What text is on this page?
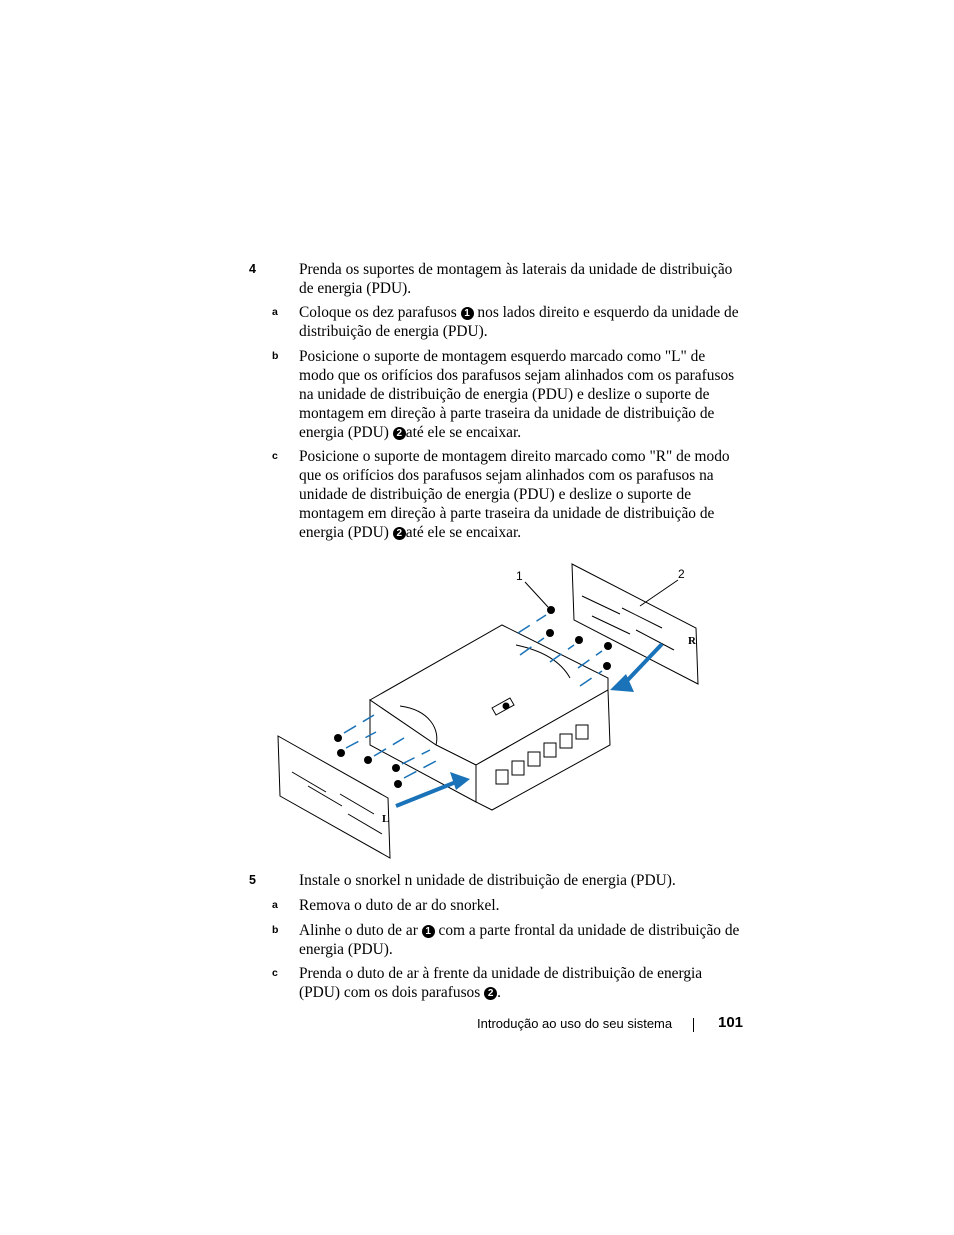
4	Prenda os suportes de montagem às laterais da unidade de distribuição de energia (PDU).
a Coloque os dez parafusos 1 nos lados direito e esquerdo da unidade de distribuição de energia (PDU).
b Posicione o suporte de montagem esquerdo marcado como "L" de modo que os orifícios dos parafusos sejam alinhados com os parafusos na unidade de distribuição de energia (PDU) e deslize o suporte de montagem em direção à parte traseira da unidade de distribuição de energia (PDU) 2 até ele se encaixar.
c Posicione o suporte de montagem direito marcado como "R" de modo que os orifícios dos parafusos sejam alinhados com os parafusos na unidade de distribuição de energia (PDU) e deslize o suporte de montagem em direção à parte traseira da unidade de distribuição de energia (PDU) 2 até ele se encaixar.
L
R
1	2
5	Instale o snorkel n unidade de distribuição de energia (PDU).
a Remova o duto de ar do snorkel.
b Alinhe o duto de ar 1 com a parte frontal da unidade de distribuição de energia (PDU).
c Prenda o duto de ar à frente da unidade de distribuição de energia (PDU) com os dois parafusos 2 .
Introdução ao uso do seu sistema	101
